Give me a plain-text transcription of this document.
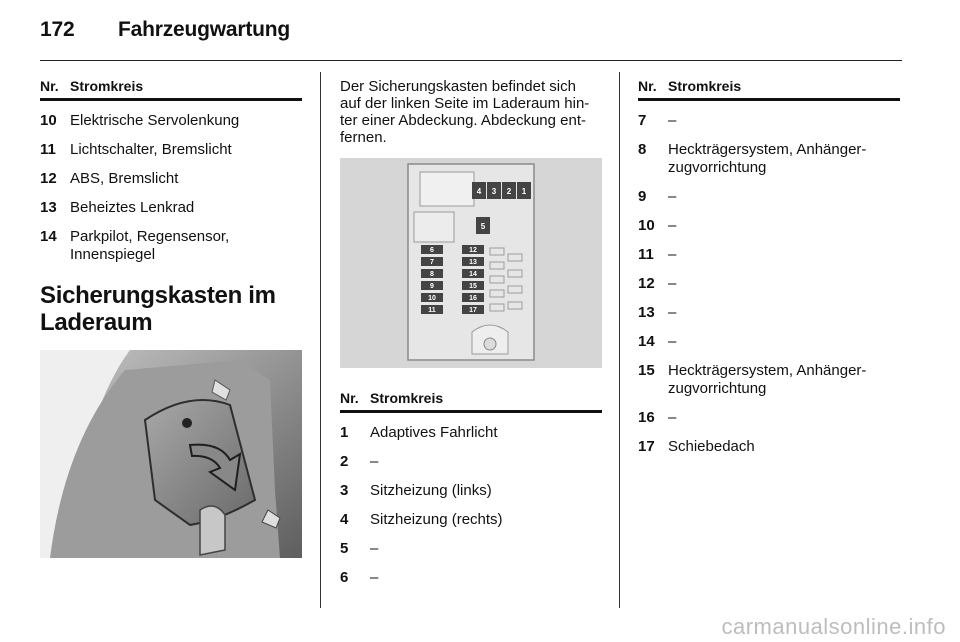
172 Fahrzeugwartung
Nr. Stromkreis
10 Elektrische Servolenkung
11 Lichtschalter, Bremslicht
12 ABS, Bremslicht
13 Beheiztes Lenkrad
14 Parkpilot, Regensensor,
Innenspiegel
Sicherungskasten im
Laderaum
Der Sicherungskasten befindet sich
auf der linken Seite im Laderaum hin-
ter einer Abdeckung. Abdeckung ent-
fernen.
4 3 2 1
5
6
7
8
9
10
11
12
13
14
15
16
17
Nr. Stromkreis
1	Adaptives Fahrlicht
2	–
3	Sitzheizung (links)
4	Sitzheizung (rechts)
5	–
6	–
Nr. Stromkreis
7	–
8	Heckträgersystem, Anhänger-
zugvorrichtung
9	–
10 –
11 –
12 –
13 –
14 –
15 Heckträgersystem, Anhänger-
zugvorrichtung
16 –
17 Schiebedach
carmanualsonline.info
